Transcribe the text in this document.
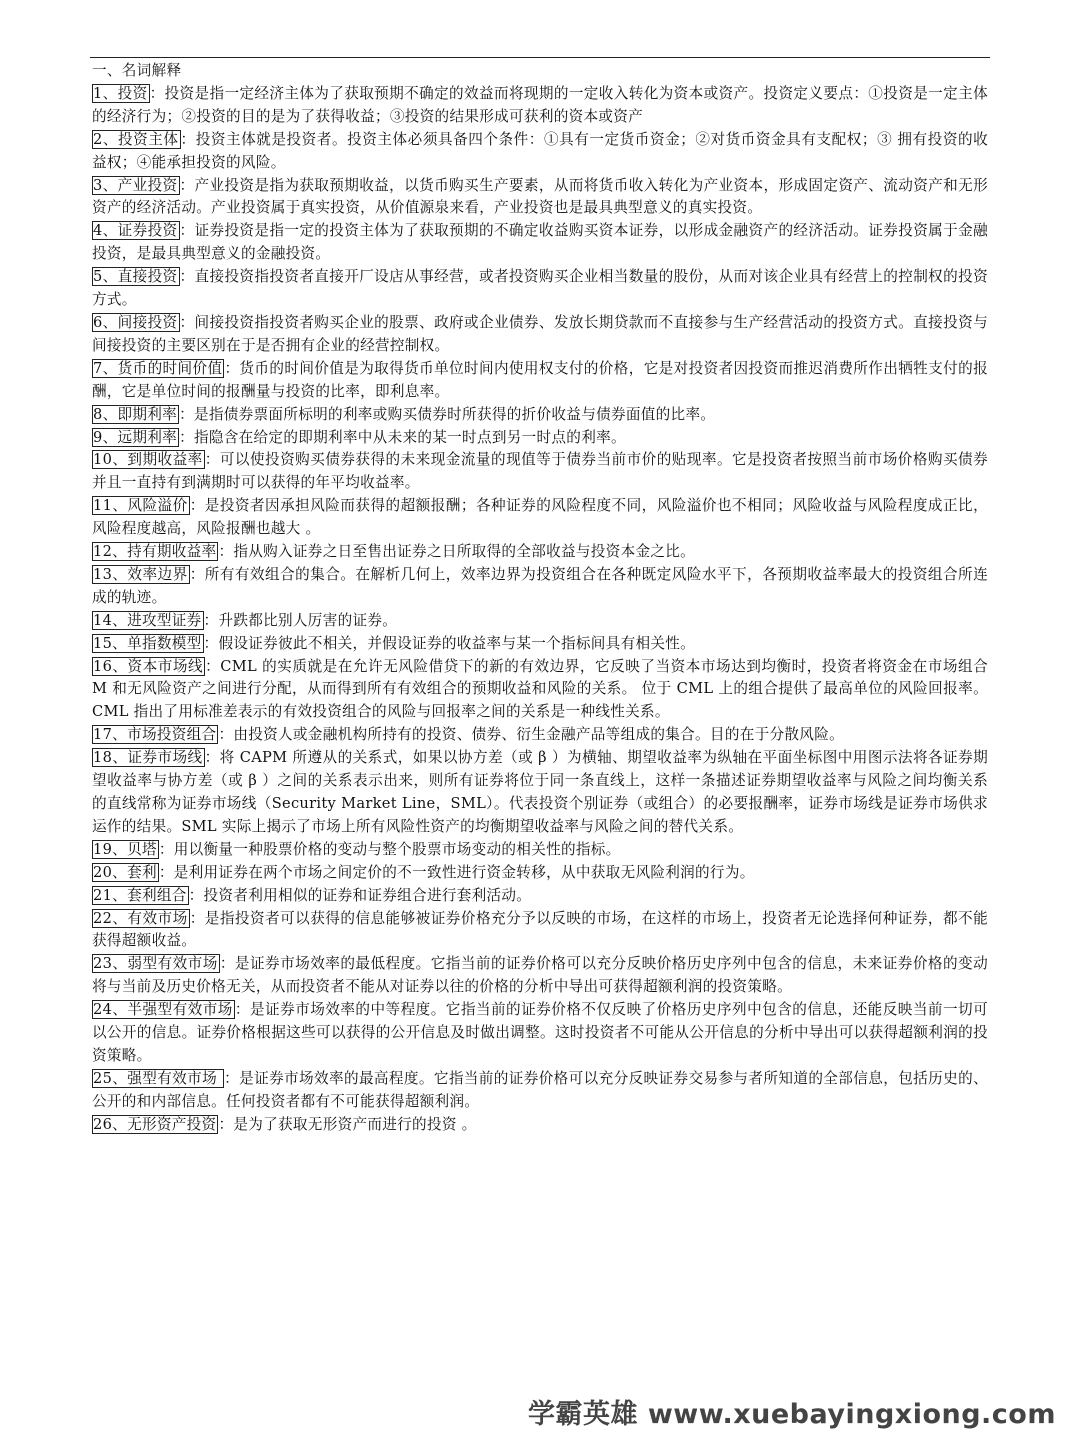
一、名词解释

1、投资 ：投资是指一定经济主体为了获取预期不确定的效益而将现期的一定收入转化为资本或资产。投资定义要点：①投资是一定主体的经济行为；②投资的目的是为了获得收益；③投资的结果形成可获利的资本或资产

2、投资主体 ：投资主体就是投资者。投资主体必须具备四个条件：①具有一定货币资金；②对货币资金具有支配权；③ 拥有投资的收益权；④能承担投资的风险。

3、产业投资 ：产业投资是指为获取预期收益，以货币购买生产要素，从而将货币收入转化为产业资本，形成固定资产、流动资产和无形资产的经济活动。产业投资属于真实投资，从价值源泉来看，产业投资也是最具典型意义的真实投资。

4、证券投资 ：证券投资是指一定的投资主体为了获取预期的不确定收益购买资本证券，以形成金融资产的经济活动。证券投资属于金融投资，是最具典型意义的金融投资。

5、直接投资 ：直接投资指投资者直接开厂设店从事经营，或者投资购买企业相当数量的股份，从而对该企业具有经营上的控制权的投资方式。

6、间接投资 ：间接投资指投资者购买企业的股票、政府或企业债券、发放长期贷款而不直接参与生产经营活动的投资方式。直接投资与间接投资的主要区别在于是否拥有企业的经营控制权。

7、货币的时间价值 ：货币的时间价值是为取得货币单位时间内使用权支付的价格，它是对投资者因投资而推迟消费所作出牺牲支付的报酬，它是单位时间的报酬量与投资的比率，即利息率。

8、即期利率 ：是指债券票面所标明的利率或购买债券时所获得的折价收益与债券面值的比率。

9、远期利率 ：指隐含在给定的即期利率中从未来的某一时点到另一时点的利率。

10、到期收益率 ：可以使投资购买债券获得的未来现金流量的现值等于债券当前市价的贴现率。它是投资者按照当前市场价格购买债券并且一直持有到满期时可以获得的年平均收益率。

11、风险溢价 ：是投资者因承担风险而获得的超额报酬；各种证券的风险程度不同，风险溢价也不相同；风险收益与风险程度成正比，风险程度越高，风险报酬也越大 。

12、持有期收益率 ：指从购入证券之日至售出证券之日所取得的全部收益与投资本金之比。

13、效率边界 ：所有有效组合的集合。在解析几何上，效率边界为投资组合在各种既定风险水平下，各预期收益率最大的投资组合所连成的轨迹。

14、进攻型证券 ：升跌都比别人厉害的证券。

15、单指数模型 ：假设证券彼此不相关，并假设证券的收益率与某一个指标间具有相关性。

16、资本市场线 ：CML 的实质就是在允许无风险借贷下的新的有效边界，它反映了当资本市场达到均衡时，投资者将资金在市场组合 M 和无风险资产之间进行分配，从而得到所有有效组合的预期收益和风险的关系。 位于 CML 上的组合提供了最高单位的风险回报率。 CML 指出了用标准差表示的有效投资组合的风险与回报率之间的关系是一种线性关系。

17、市场投资组合 ：由投资人或金融机构所持有的投资、债券、衍生金融产品等组成的集合。目的在于分散风险。

18、证券市场线 ：将 CAPM 所遵从的关系式，如果以协方差（或 β ）为横轴、期望收益率为纵轴在平面坐标图中用图示法将各证券期望收益率与协方差（或 β ）之间的关系表示出来，则所有证券将位于同一条直线上，这样一条描述证券期望收益率与风险之间均衡关系的直线常称为证券市场线（Security Market Line，SML）。代表投资个别证券（或组合）的必要报酬率，证券市场线是证券市场供求运作的结果。SML 实际上揭示了市场上所有风险性资产的均衡期望收益率与风险之间的替代关系。

19、贝塔 ：用以衡量一种股票价格的变动与整个股票市场变动的相关性的指标。

20、套利 ：是利用证券在两个市场之间定价的不一致性进行资金转移，从中获取无风险利润的行为。

21、套利组合 ：投资者利用相似的证券和证券组合进行套利活动。

22、有效市场 ：是指投资者可以获得的信息能够被证券价格充分予以反映的市场，在这样的市场上，投资者无论选择何种证券，都不能获得超额收益。

23、弱型有效市场 ：是证券市场效率的最低程度。它指当前的证券价格可以充分反映价格历史序列中包含的信息，未来证券价格的变动将与当前及历史价格无关，从而投资者不能从对证券以往的价格的分析中导出可获得超额利润的投资策略。

24、半强型有效市场 ：是证券市场效率的中等程度。它指当前的证券价格不仅反映了价格历史序列中包含的信息，还能反映当前一切可以公开的信息。证券价格根据这些可以获得的公开信息及时做出调整。这时投资者不可能从公开信息的分析中导出可以获得超额利润的投资策略。

25、强型有效市场 ：是证券市场效率的最高程度。它指当前的证券价格可以充分反映证券交易参与者所知道的全部信息，包括历史的、公开的和内部信息。任何投资者都有不可能获得超额利润。

26、无形资产投资 ：是为了获取无形资产而进行的投资 。

学霸英雄 www.xuebayingxiong.com
